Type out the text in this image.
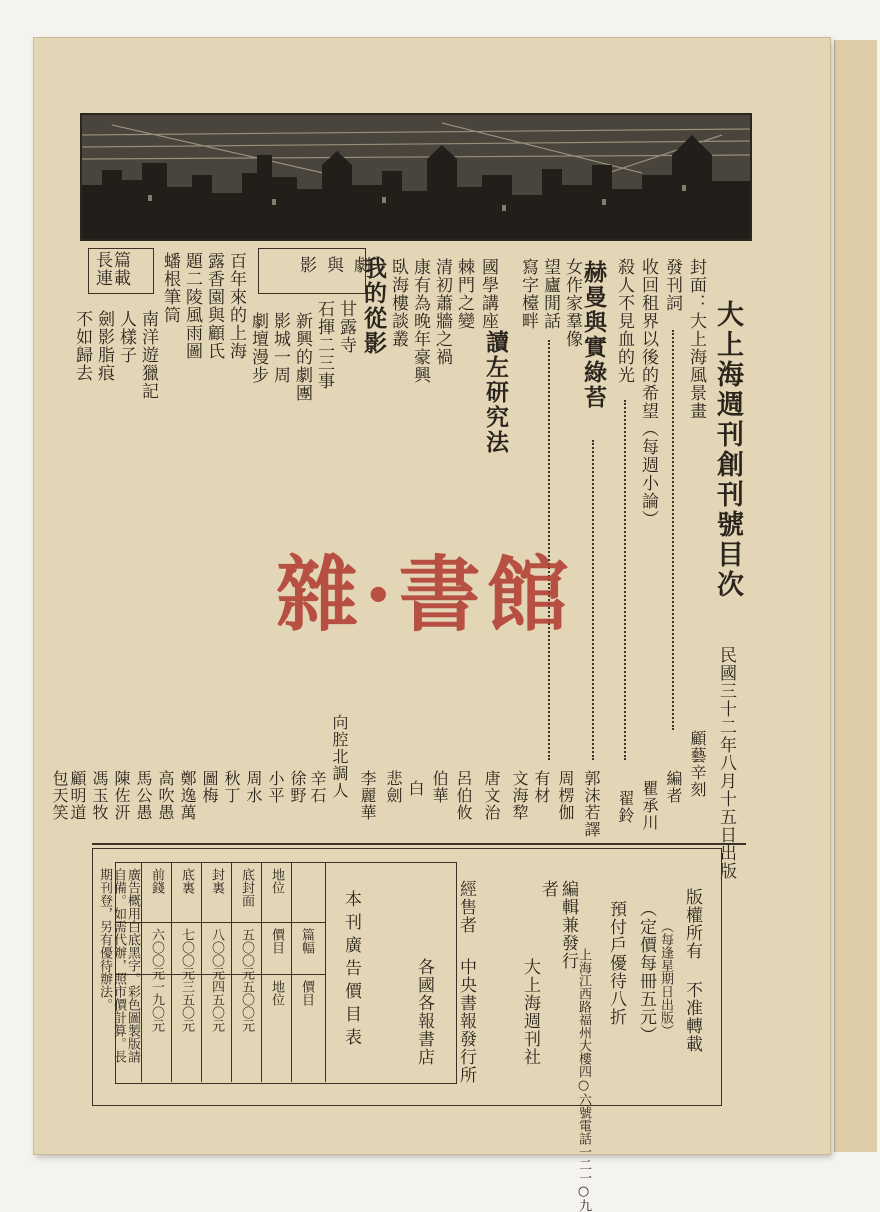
大上海週刊創刊號目次
民國三十二年八月十五日出版
封面：大上海風景畫
顧藝辛刻
發刊詞
編者
收回租界以後的希望（每週小論）
瞿承川
殺人不見血的光
翟鈴
赫曼與實綠苔
郭沫若譯
女作家羣像
周楞伽
望廬閒話
有材
寫字檯畔
文海犂
國學講座
讀左研究法
唐文治
棘門之變
呂伯攸
清初蕭牆之禍
伯華
康有為晚年豪興
白
臥海樓談叢
悲劍
我的從影
李麗華
甘露寺
向腔北調人
石揮二三事
辛石
影與劇
新興的劇團
徐野
影城一周
小平
劇壇漫步
周水
百年來的上海
秋丁
露香園與顧氏
圖梅
題二陵風雨圖
鄭逸萬
蟠根筆筒
高吹愚
長篇連載
南洋遊獵記
馬公愚
人樣子
陳佐汧
劍影脂痕
馮玉牧
不如歸去
顧明道
包天笑
雜·書館
版權所有 不准轉載
（每逢星期日出版）
（定價每冊五元）
預付戶優待八折
上海江西路福州大樓四○六號電話一二一○九
編輯兼發行者
大上海週刊社
經售者
中央書報發行所
各國各報書店
廣告概用白底黑字。彩色圖製版請自備。如需代辦，照市價計算。長期刊登，另有優待辦法。	前錢
六〇〇元
一九〇元
底裏
七〇〇元
三五〇元
封裏
八〇〇元
四五〇元
底封面
五〇〇元
五〇〇元
地位
價目
地位
篇幅
價目 本刊廣告價目表
